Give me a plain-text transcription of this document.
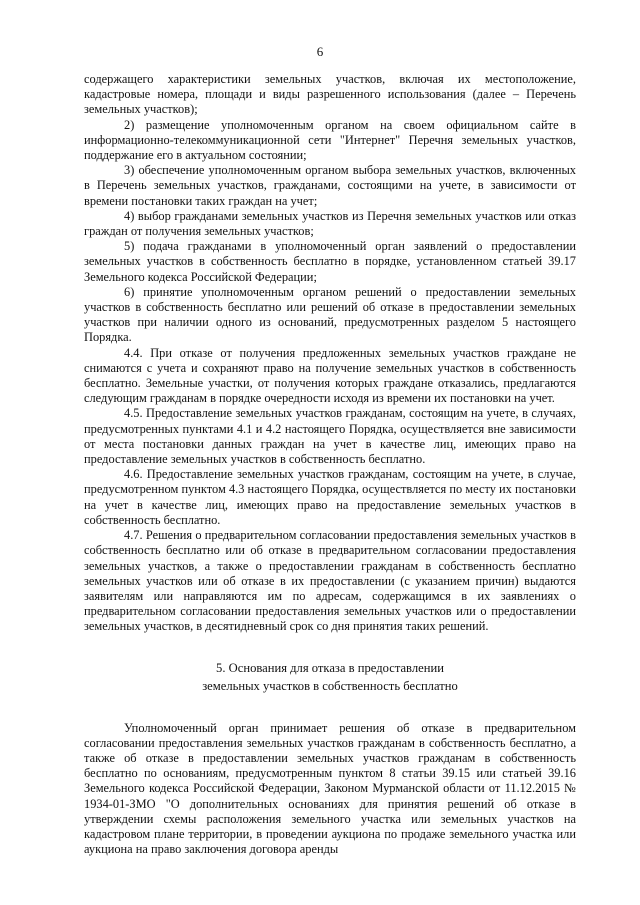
6

содержащего характеристики земельных участков, включая их местоположение, кадастровые номера, площади и виды разрешенного использования (далее – Перечень земельных участков);

2) размещение уполномоченным органом на своем официальном сайте в информационно-телекоммуникационной сети "Интернет" Перечня земельных участков, поддержание его в актуальном состоянии;

3) обеспечение уполномоченным органом выбора земельных участков, включенных в Перечень земельных участков, гражданами, состоящими на учете, в зависимости от времени постановки таких граждан на учет;

4) выбор гражданами земельных участков из Перечня земельных участков или отказ граждан от получения земельных участков;

5) подача гражданами в уполномоченный орган заявлений о предоставлении земельных участков в собственность бесплатно в порядке, установленном статьей 39.17 Земельного кодекса Российской Федерации;

6) принятие уполномоченным органом решений о предоставлении земельных участков в собственность бесплатно или решений об отказе в предоставлении земельных участков при наличии одного из оснований, предусмотренных разделом 5 настоящего Порядка.

4.4. При отказе от получения предложенных земельных участков граждане не снимаются с учета и сохраняют право на получение земельных участков в собственность бесплатно. Земельные участки, от получения которых граждане отказались, предлагаются следующим гражданам в порядке очередности исходя из времени их постановки на учет.

4.5. Предоставление земельных участков гражданам, состоящим на учете, в случаях, предусмотренных пунктами 4.1 и 4.2 настоящего Порядка, осуществляется вне зависимости от места постановки данных граждан на учет в качестве лиц, имеющих право на предоставление земельных участков в собственность бесплатно.

4.6. Предоставление земельных участков гражданам, состоящим на учете, в случае, предусмотренном пунктом 4.3 настоящего Порядка, осуществляется по месту их постановки на учет в качестве лиц, имеющих право на предоставление земельных участков в собственность бесплатно.

4.7. Решения о предварительном согласовании предоставления земельных участков в собственность бесплатно или об отказе в предварительном согласовании предоставления земельных участков, а также о предоставлении гражданам в собственность бесплатно земельных участков или об отказе в их предоставлении (с указанием причин) выдаются заявителям или направляются им по адресам, содержащимся в их заявлениях о предварительном согласовании предоставления земельных участков или о предоставлении земельных участков, в десятидневный срок со дня принятия таких решений.

5. Основания для отказа в предоставлении
земельных участков в собственность бесплатно

Уполномоченный орган принимает решения об отказе в предварительном согласовании предоставления земельных участков гражданам в собственность бесплатно, а также об отказе в предоставлении земельных участков гражданам в собственность бесплатно по основаниям, предусмотренным пунктом 8 статьи 39.15 или статьей 39.16 Земельного кодекса Российской Федерации, Законом Мурманской области от 11.12.2015 № 1934-01-ЗМО "О дополнительных основаниях для принятия решений об отказе в утверждении схемы расположения земельного участка или земельных участков на кадастровом плане территории, в проведении аукциона по продаже земельного участка или аукциона на право заключения договора аренды
